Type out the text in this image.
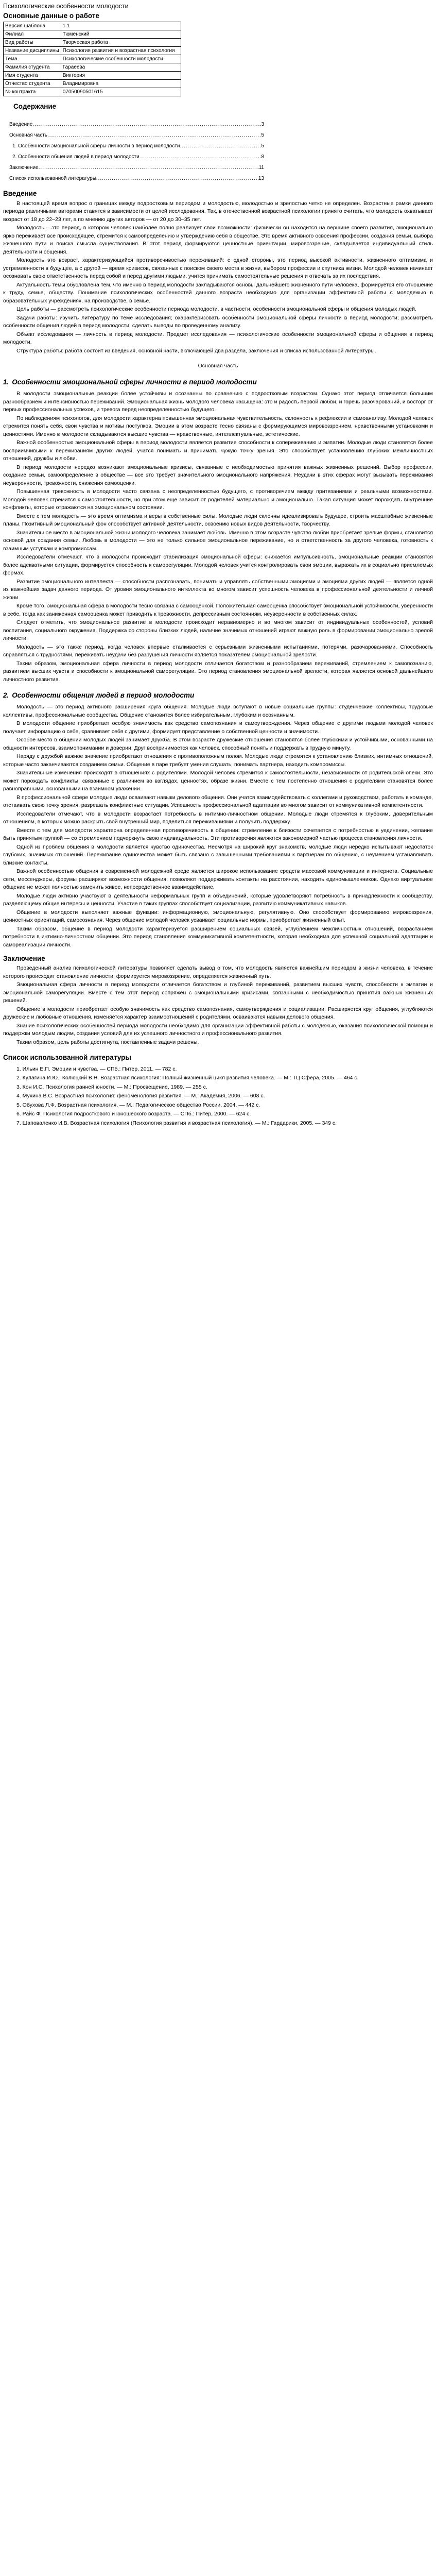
Психологические особенности молодости
Основные данные о работе
Версия шаблона	1.1
Филиал	Тюменский
Вид работы	Творческая работа
Название дисциплины	Психология развития и возрастная психология
Тема	Психологические особенности молодости
Фамилия студента	Гараеева
Имя студента	Виктория
Отчество студента	Владимировна
№ контракта	07050090501615
Содержание
Введение .....	3
Основная часть .....	5
1. Особенности эмоциональной сферы личности в период молодости .....	5
2. Особенности общения людей в период молодости .....	8
Заключение .....	11
Список использованной литературы .....	13
Введение

В настоящей время вопрос о границах между подростковым периодом и молодостью, молодостью и зрелостью четко не определен. Возрастные рамки данного периода различными авторами ставятся в зависимости от целей исследования. Так, в отечественной возрастной психологии принято считать, что молодость охватывает возраст от 18 до 22–23 лет, а по мнению других авторов — от 20 до 30–35 лет.

Молодость – это период, в котором человек наиболее полно реализует свои возможности: физически он находится на вершине своего развития, эмоционально ярко переживает все происходящее, стремится к самоопределению и утверждению себя в обществе. Это время активного освоения профессии, создания семьи, выбора жизненного пути и поиска смысла существования. В этот период формируются ценностные ориентации, мировоззрение, складывается индивидуальный стиль деятельности и общения.

Молодость это возраст, характеризующийся противоречивостью переживаний: с одной стороны, это период высокой активности, жизненного оптимизма и устремленности в будущее, а с другой — время кризисов, связанных с поиском своего места в жизни, выбором профессии и спутника жизни. Молодой человек начинает осознавать свою ответственность перед собой и перед другими людьми, учится принимать самостоятельные решения и отвечать за их последствия.

Актуальность темы обусловлена тем, что именно в период молодости закладываются основы дальнейшего жизненного пути человека, формируется его отношение к труду, семье, обществу. Понимание психологических особенностей данного возраста необходимо для организации эффективной работы с молодежью в образовательных учреждениях, на производстве, в семье.

Цель работы — рассмотреть психологические особенности периода молодости, в частности, особенности эмоциональной сферы и общения молодых людей.

Задачи работы: изучить литературу по теме исследования; охарактеризовать особенности эмоциональной сферы личности в период молодости; рассмотреть особенности общения людей в период молодости; сделать выводы по проведенному анализу.

Объект исследования — личность в период молодости. Предмет исследования — психологические особенности эмоциональной сферы и общения в период молодости.

Структура работы: работа состоит из введения, основной части, включающей два раздела, заключения и списка использованной литературы.

Основная часть
1. Особенности эмоциональной сферы личности в период молодости

В молодости эмоциональные реакции более устойчивы и осознанны по сравнению с подростковым возрастом. Однако этот период отличается большим разнообразием и интенсивностью переживаний. Эмоциональная жизнь молодого человека насыщена: это и радость первой любви, и горечь разочарований, и восторг от первых профессиональных успехов, и тревога перед неопределенностью будущего.

По наблюдениям психологов, для молодости характерна повышенная эмоциональная чувствительность, склонность к рефлексии и самоанализу. Молодой человек стремится понять себя, свои чувства и мотивы поступков. Эмоции в этом возрасте тесно связаны с формирующимся мировоззрением, нравственными установками и ценностями. Именно в молодости складываются высшие чувства — нравственные, интеллектуальные, эстетические.

Важной особенностью эмоциональной сферы в период молодости является развитие способности к сопереживанию и эмпатии. Молодые люди становятся более восприимчивыми к переживаниям других людей, учатся понимать и принимать чужую точку зрения. Это способствует установлению глубоких межличностных отношений, дружбы и любви.

В период молодости нередко возникают эмоциональные кризисы, связанные с необходимостью принятия важных жизненных решений. Выбор профессии, создание семьи, самоопределение в обществе — все это требует значительного эмоционального напряжения. Неудачи в этих сферах могут вызывать переживания неуверенности, тревожности, снижения самооценки.

Повышенная тревожность в молодости часто связана с неопределенностью будущего, с противоречием между притязаниями и реальными возможностями. Молодой человек стремится к самостоятельности, но при этом еще зависит от родителей материально и эмоционально. Такая ситуация может порождать внутренние конфликты, которые отражаются на эмоциональном состоянии.

Вместе с тем молодость — это время оптимизма и веры в собственные силы. Молодые люди склонны идеализировать будущее, строить масштабные жизненные планы. Позитивный эмоциональный фон способствует активной деятельности, освоению новых видов деятельности, творчеству.

Значительное место в эмоциональной жизни молодого человека занимает любовь. Именно в этом возрасте чувство любви приобретает зрелые формы, становится основой для создания семьи. Любовь в молодости — это не только сильное эмоциональное переживание, но и ответственность за другого человека, готовность к взаимным уступкам и компромиссам.

Исследователи отмечают, что в молодости происходит стабилизация эмоциональной сферы: снижается импульсивность, эмоциональные реакции становятся более адекватными ситуации, формируется способность к саморегуляции. Молодой человек учится контролировать свои эмоции, выражать их в социально приемлемых формах.

Развитие эмоционального интеллекта — способности распознавать, понимать и управлять собственными эмоциями и эмоциями других людей — является одной из важнейших задач данного периода. От уровня эмоционального интеллекта во многом зависит успешность человека в профессиональной деятельности и личной жизни.

Кроме того, эмоциональная сфера в молодости тесно связана с самооценкой. Положительная самооценка способствует эмоциональной устойчивости, уверенности в себе, тогда как заниженная самооценка может приводить к тревожности, депрессивным состояниям, неуверенности в собственных силах.

Следует отметить, что эмоциональное развитие в молодости происходит неравномерно и во многом зависит от индивидуальных особенностей, условий воспитания, социального окружения. Поддержка со стороны близких людей, наличие значимых отношений играют важную роль в формировании эмоционально зрелой личности.

Молодость — это также период, когда человек впервые сталкивается с серьезными жизненными испытаниями, потерями, разочарованиями. Способность справляться с трудностями, переживать неудачи без разрушения личности является показателем эмоциональной зрелости.

Таким образом, эмоциональная сфера личности в период молодости отличается богатством и разнообразием переживаний, стремлением к самопознанию, развитием высших чувств и способности к эмоциональной саморегуляции. Это период становления эмоциональной зрелости, которая является основой дальнейшего личностного развития.

2. Особенности общения людей в период молодости

Молодость — это период активного расширения круга общения. Молодые люди вступают в новые социальные группы: студенческие коллективы, трудовые коллективы, профессиональные сообщества. Общение становится более избирательным, глубоким и осознанным.

В молодости общение приобретает особую значимость как средство самопознания и самоутверждения. Через общение с другими людьми молодой человек получает информацию о себе, сравнивает себя с другими, формирует представление о собственной ценности и значимости.

Особое место в общении молодых людей занимает дружба. В этом возрасте дружеские отношения становятся более глубокими и устойчивыми, основанными на общности интересов, взаимопонимании и доверии. Друг воспринимается как человек, способный понять и поддержать в трудную минуту.

Наряду с дружбой важное значение приобретают отношения с противоположным полом. Молодые люди стремятся к установлению близких, интимных отношений, которые часто заканчиваются созданием семьи. Общение в паре требует умения слушать, понимать партнера, находить компромиссы.

Значительные изменения происходят в отношениях с родителями. Молодой человек стремится к самостоятельности, независимости от родительской опеки. Это может порождать конфликты, связанные с различием во взглядах, ценностях, образе жизни. Вместе с тем постепенно отношения с родителями становятся более равноправными, основанными на взаимном уважении.

В профессиональной сфере молодые люди осваивают навыки делового общения. Они учатся взаимодействовать с коллегами и руководством, работать в команде, отстаивать свою точку зрения, разрешать конфликтные ситуации. Успешность профессиональной адаптации во многом зависит от коммуникативной компетентности.

Исследователи отмечают, что в молодости возрастает потребность в интимно-личностном общении. Молодые люди стремятся к глубоким, доверительным отношениям, в которых можно раскрыть свой внутренний мир, поделиться переживаниями и получить поддержку.

Вместе с тем для молодости характерна определенная противоречивость в общении: стремление к близости сочетается с потребностью в уединении, желание быть принятым группой — со стремлением подчеркнуть свою индивидуальность. Эти противоречия являются закономерной частью процесса становления личности.

Одной из проблем общения в молодости является чувство одиночества. Несмотря на широкий круг знакомств, молодые люди нередко испытывают недостаток глубоких, значимых отношений. Переживание одиночества может быть связано с завышенными требованиями к партнерам по общению, с неумением устанавливать близкие контакты.

Важной особенностью общения в современной молодежной среде является широкое использование средств массовой коммуникации и интернета. Социальные сети, мессенджеры, форумы расширяют возможности общения, позволяют поддерживать контакты на расстоянии, находить единомышленников. Однако виртуальное общение не может полностью заменить живое, непосредственное взаимодействие.

Молодые люди активно участвуют в деятельности неформальных групп и объединений, которые удовлетворяют потребность в принадлежности к сообществу, разделяющему общие интересы и ценности. Участие в таких группах способствует социализации, развитию коммуникативных навыков.

Общение в молодости выполняет важные функции: информационную, эмоциональную, регулятивную. Оно способствует формированию мировоззрения, ценностных ориентаций, самосознания. Через общение молодой человек усваивает социальные нормы, приобретает жизненный опыт.

Таким образом, общение в период молодости характеризуется расширением социальных связей, углублением межличностных отношений, возрастанием потребности в интимно-личностном общении. Это период становления коммуникативной компетентности, которая необходима для успешной социальной адаптации и самореализации личности.

Заключение

Проведенный анализ психологической литературы позволяет сделать вывод о том, что молодость является важнейшим периодом в жизни человека, в течение которого происходит становление личности, формируется мировоззрение, определяется жизненный путь.

Эмоциональная сфера личности в период молодости отличается богатством и глубиной переживаний, развитием высших чувств, способности к эмпатии и эмоциональной саморегуляции. Вместе с тем этот период сопряжен с эмоциональными кризисами, связанными с необходимостью принятия важных жизненных решений.

Общение в молодости приобретает особую значимость как средство самопознания, самоутверждения и социализации. Расширяется круг общения, углубляются дружеские и любовные отношения, изменяется характер взаимоотношений с родителями, осваиваются навыки делового общения.

Знание психологических особенностей периода молодости необходимо для организации эффективной работы с молодежью, оказания психологической помощи и поддержки молодым людям, создания условий для их успешного личностного и профессионального развития.

Таким образом, цель работы достигнута, поставленные задачи решены.

Список использованной литературы
1. Ильин Е.П. Эмоции и чувства. — СПб.: Питер, 2011. — 782 с.
2. Кулагина И.Ю., Колюцкий В.Н. Возрастная психология: Полный жизненный цикл развития человека. — М.: ТЦ Сфера, 2005. — 464 с.
3. Кон И.С. Психология ранней юности. — М.: Просвещение, 1989. — 255 с.
4. Мухина В.С. Возрастная психология: феноменология развития. — М.: Академия, 2006. — 608 с.
5. Обухова Л.Ф. Возрастная психология. — М.: Педагогическое общество России, 2004. — 442 с.
6. Райс Ф. Психология подросткового и юношеского возраста. — СПб.: Питер, 2000. — 624 с.
7. Шаповаленко И.В. Возрастная психология (Психология развития и возрастная психология). — М.: Гардарики, 2005. — 349 с.
